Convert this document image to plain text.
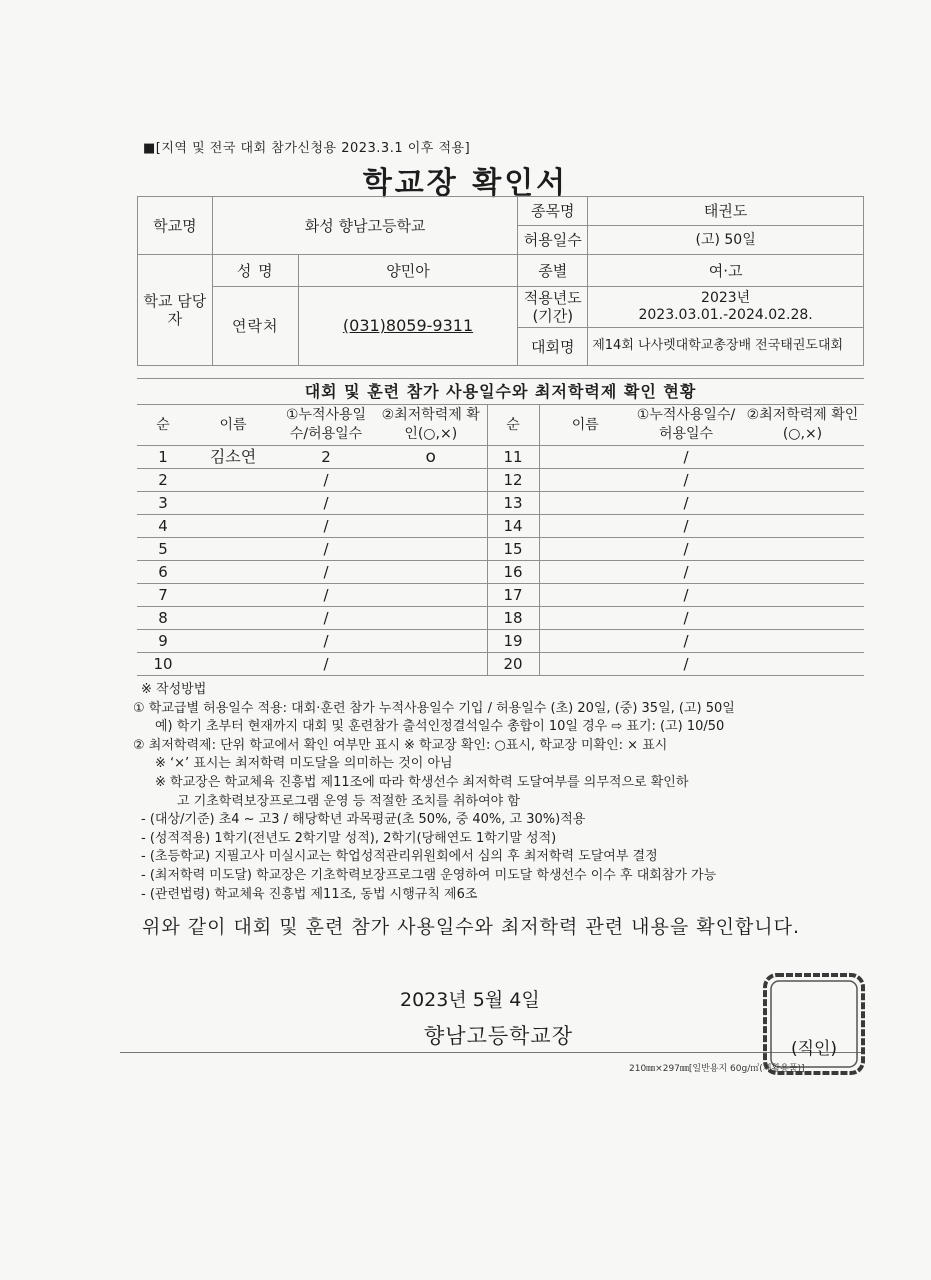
■[지역 및 전국 대회 참가신청용 2023.3.1 이후 적용]
학교장 확인서
학교명	화성 향남고등학교		종목명	태권도
			허용일수	(고) 50일
학교 담당자	성 명	양민아	종별	여·고
	연락처	(031)8059-9311	적용년도 (기간)	2023년
2023.03.01.-2024.02.28.

			대회명	제14회 나사렛대학교총장배 전국태권도대회
대회 및 훈련 참가 사용일수와 최저학력제 확인 현황
순	이름	①누적사용일수/허용일수	②최저학력제 확인(○,×)	순	이름	①누적사용일수/허용일수	②최저학력제 확인(○,×)
1	김소연	2	o	11		/	
2		/		12		/	
3		/		13		/	
4		/		14		/	
5		/		15		/	
6		/		16		/	
7		/		17		/	
8		/		18		/	
9		/		19		/	
10		/		20		/	
※ 작성방법
① 학교급별 허용일수 적용: 대회·훈련 참가 누적사용일수 기입 / 허용일수 (초) 20일, (중) 35일, (고) 50일
예) 학기 초부터 현재까지 대회 및 훈련참가 출석인정결석일수 총합이 10일 경우 ⇨ 표기: (고) 10/50
② 최저학력제: 단위 학교에서 확인 여부만 표시 ※ 학교장 확인: ○표시, 학교장 미확인: × 표시
※ ‘×’ 표시는 최저학력 미도달을 의미하는 것이 아님
※ 학교장은 학교체육 진흥법 제11조에 따라 학생선수 최저학력 도달여부를 의무적으로 확인하
고 기초학력보장프로그램 운영 등 적절한 조치를 취하여야 함
- (대상/기준) 초4 ~ 고3 / 해당학년 과목평균(초 50%, 중 40%, 고 30%)적용
- (성적적용) 1학기(전년도 2학기말 성적), 2학기(당해연도 1학기말 성적)
- (초등학교) 지필고사 미실시교는 학업성적관리위원회에서 심의 후 최저학력 도달여부 결정
- (최저학력 미도달) 학교장은 기초학력보장프로그램 운영하여 미도달 학생선수 이수 후 대회참가 가능
- (관련법령) 학교체육 진흥법 제11조, 동법 시행규칙 제6조
위와 같이 대회 및 훈련 참가 사용일수와 최저학력 관련 내용을 확인합니다.
2023년 5월 4일
향남고등학교장
(직인)
210㎜×297㎜[일반용지 60g/㎡(재활용품)]
